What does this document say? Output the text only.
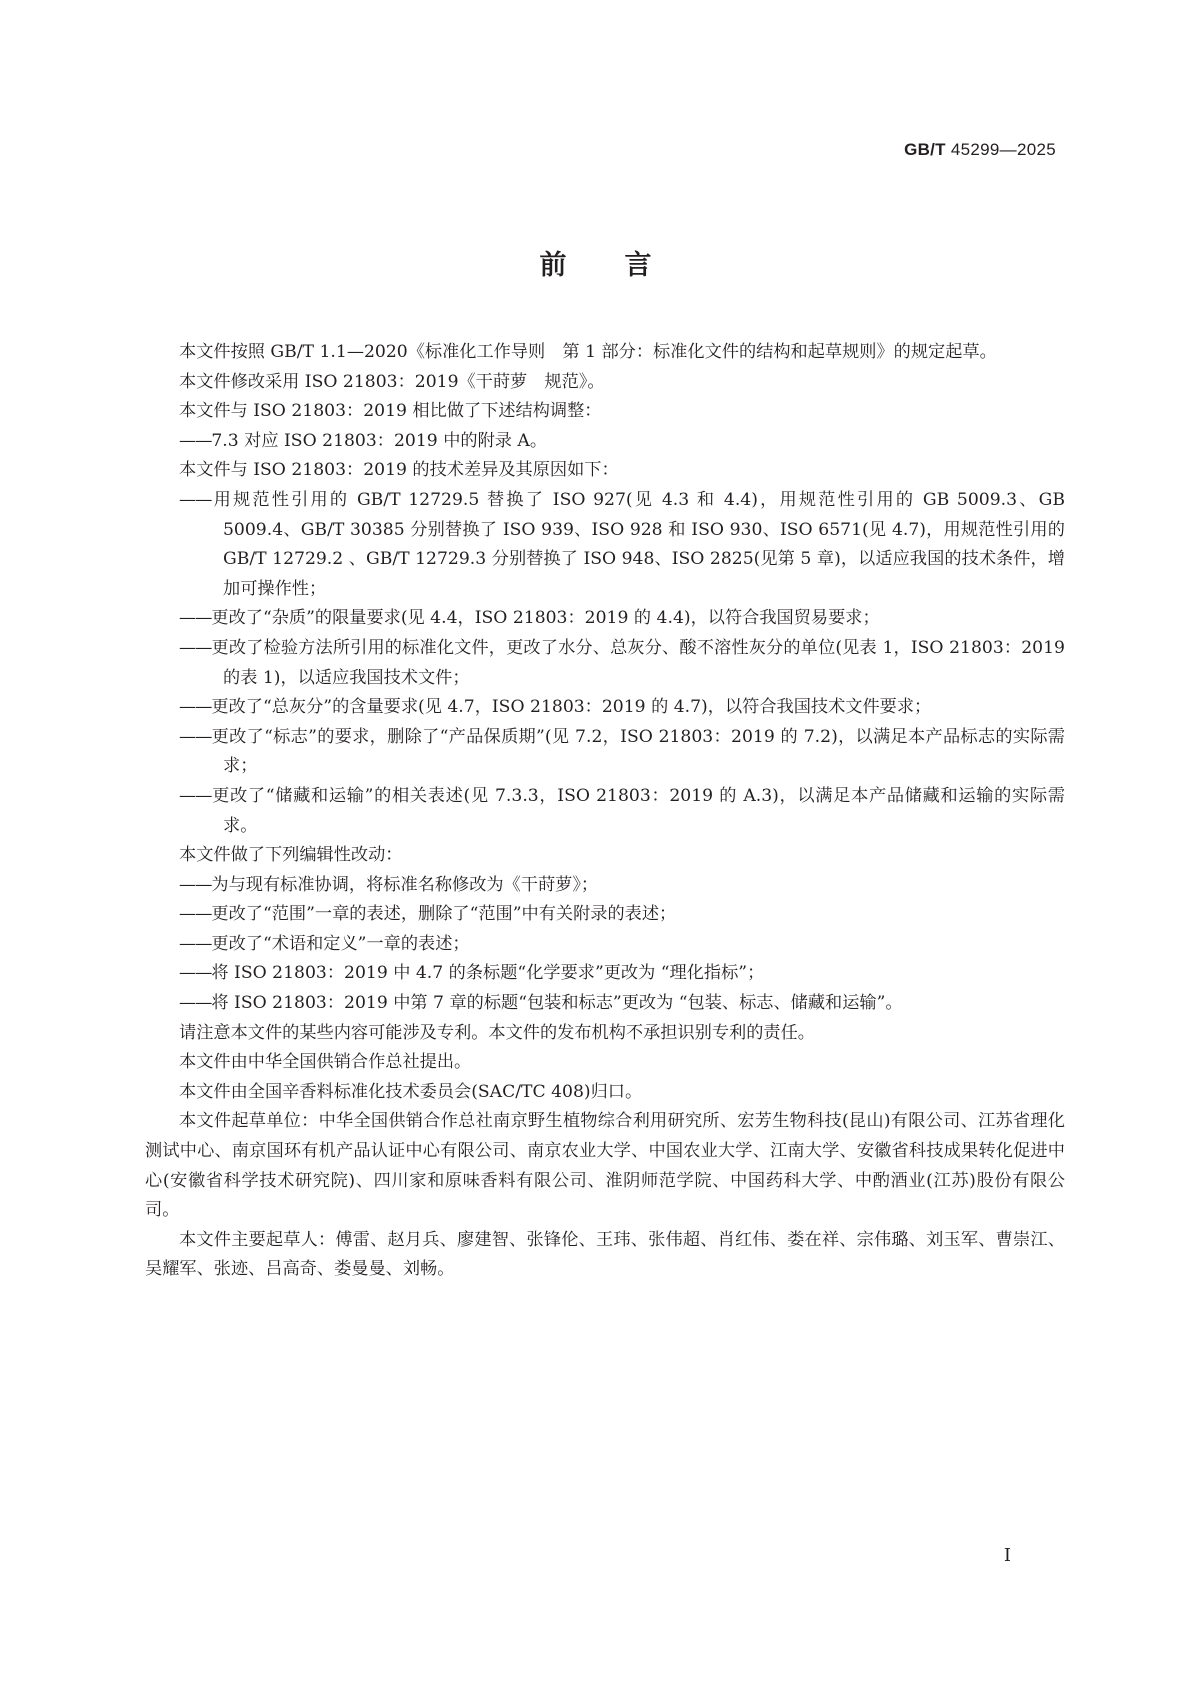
GB/T 45299—2025
前言

本文件按照 GB/T 1.1—2020《标准化工作导则　第 1 部分：标准化文件的结构和起草规则》的规定起草。

本文件修改采用 ISO 21803：2019《干莳萝　规范》。

本文件与 ISO 21803：2019 相比做了下述结构调整：

——7.3 对应 ISO 21803：2019 中的附录 A。

本文件与 ISO 21803：2019 的技术差异及其原因如下：

——用规范性引用的 GB/T 12729.5 替换了 ISO 927(见 4.3 和 4.4)，用规范性引用的 GB 5009.3、GB 5009.4、GB/T 30385 分别替换了 ISO 939、ISO 928 和 ISO 930、ISO 6571(见 4.7)，用规范性引用的 GB/T 12729.2 、GB/T 12729.3 分别替换了 ISO 948、ISO 2825(见第 5 章)，以适应我国的技术条件，增加可操作性；

——更改了“杂质”的限量要求(见 4.4，ISO 21803：2019 的 4.4)，以符合我国贸易要求；

——更改了检验方法所引用的标准化文件，更改了水分、总灰分、酸不溶性灰分的单位(见表 1，ISO 21803：2019 的表 1)，以适应我国技术文件；

——更改了“总灰分”的含量要求(见 4.7，ISO 21803：2019 的 4.7)，以符合我国技术文件要求；

——更改了“标志”的要求，删除了“产品保质期”(见 7.2，ISO 21803：2019 的 7.2)，以满足本产品标志的实际需求；

——更改了“储藏和运输”的相关表述(见 7.3.3，ISO 21803：2019 的 A.3)，以满足本产品储藏和运输的实际需求。

本文件做了下列编辑性改动：

——为与现有标准协调，将标准名称修改为《干莳萝》；

——更改了“范围”一章的表述，删除了“范围”中有关附录的表述；

——更改了“术语和定义”一章的表述；

——将 ISO 21803：2019 中 4.7 的条标题“化学要求”更改为 “理化指标”；

——将 ISO 21803：2019 中第 7 章的标题“包装和标志”更改为 “包装、标志、储藏和运输”。

请注意本文件的某些内容可能涉及专利。本文件的发布机构不承担识别专利的责任。

本文件由中华全国供销合作总社提出。

本文件由全国辛香料标准化技术委员会(SAC/TC 408)归口。

本文件起草单位：中华全国供销合作总社南京野生植物综合利用研究所、宏芳生物科技(昆山)有限公司、江苏省理化测试中心、南京国环有机产品认证中心有限公司、南京农业大学、中国农业大学、江南大学、安徽省科技成果转化促进中心(安徽省科学技术研究院)、四川家和原味香料有限公司、淮阴师范学院、中国药科大学、中酌酒业(江苏)股份有限公司。

本文件主要起草人：傅雷、赵月兵、廖建智、张锋伦、王玮、张伟超、肖红伟、娄在祥、宗伟璐、刘玉军、曹崇江、吴耀军、张迹、吕高奇、娄曼曼、刘畅。

I
